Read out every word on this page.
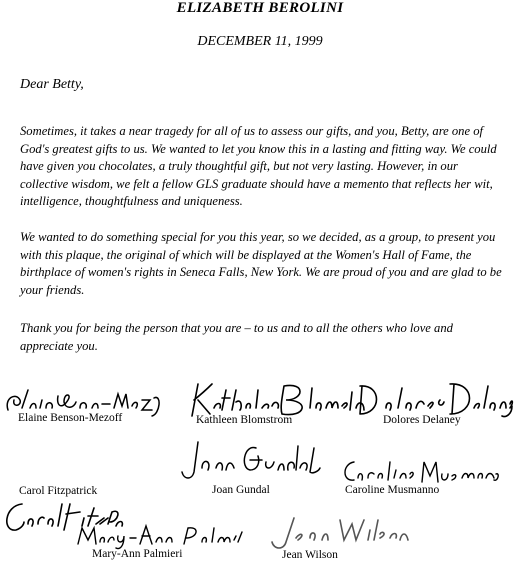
ELIZABETH BEROLINI
DECEMBER 11, 1999
Dear Betty,

Sometimes, it takes a near tragedy for all of us to assess our gifts, and you, Betty, are one of God's greatest gifts to us. We wanted to let you know this in a lasting and fitting way. We could have given you chocolates, a truly thoughtful gift, but not very lasting. However, in our collective wisdom, we felt a fellow GLS graduate should have a memento that reflects her wit, intelligence, thoughtfulness and uniqueness.

We wanted to do something special for you this year, so we decided, as a group, to present you with this plaque, the original of which will be displayed at the Women's Hall of Fame, the birthplace of women's rights in Seneca Falls, New York. We are proud of you and are glad to be your friends.

Thank you for being the person that you are – to us and to all the others who love and appreciate you.

Elaine Benson-Mezoff	Kathleen Blomstrom	Dolores Delaney
Carol Fitzpatrick	Joan Gundal	Caroline Musmanno
Mary-Ann Palmieri	Jean Wilson
